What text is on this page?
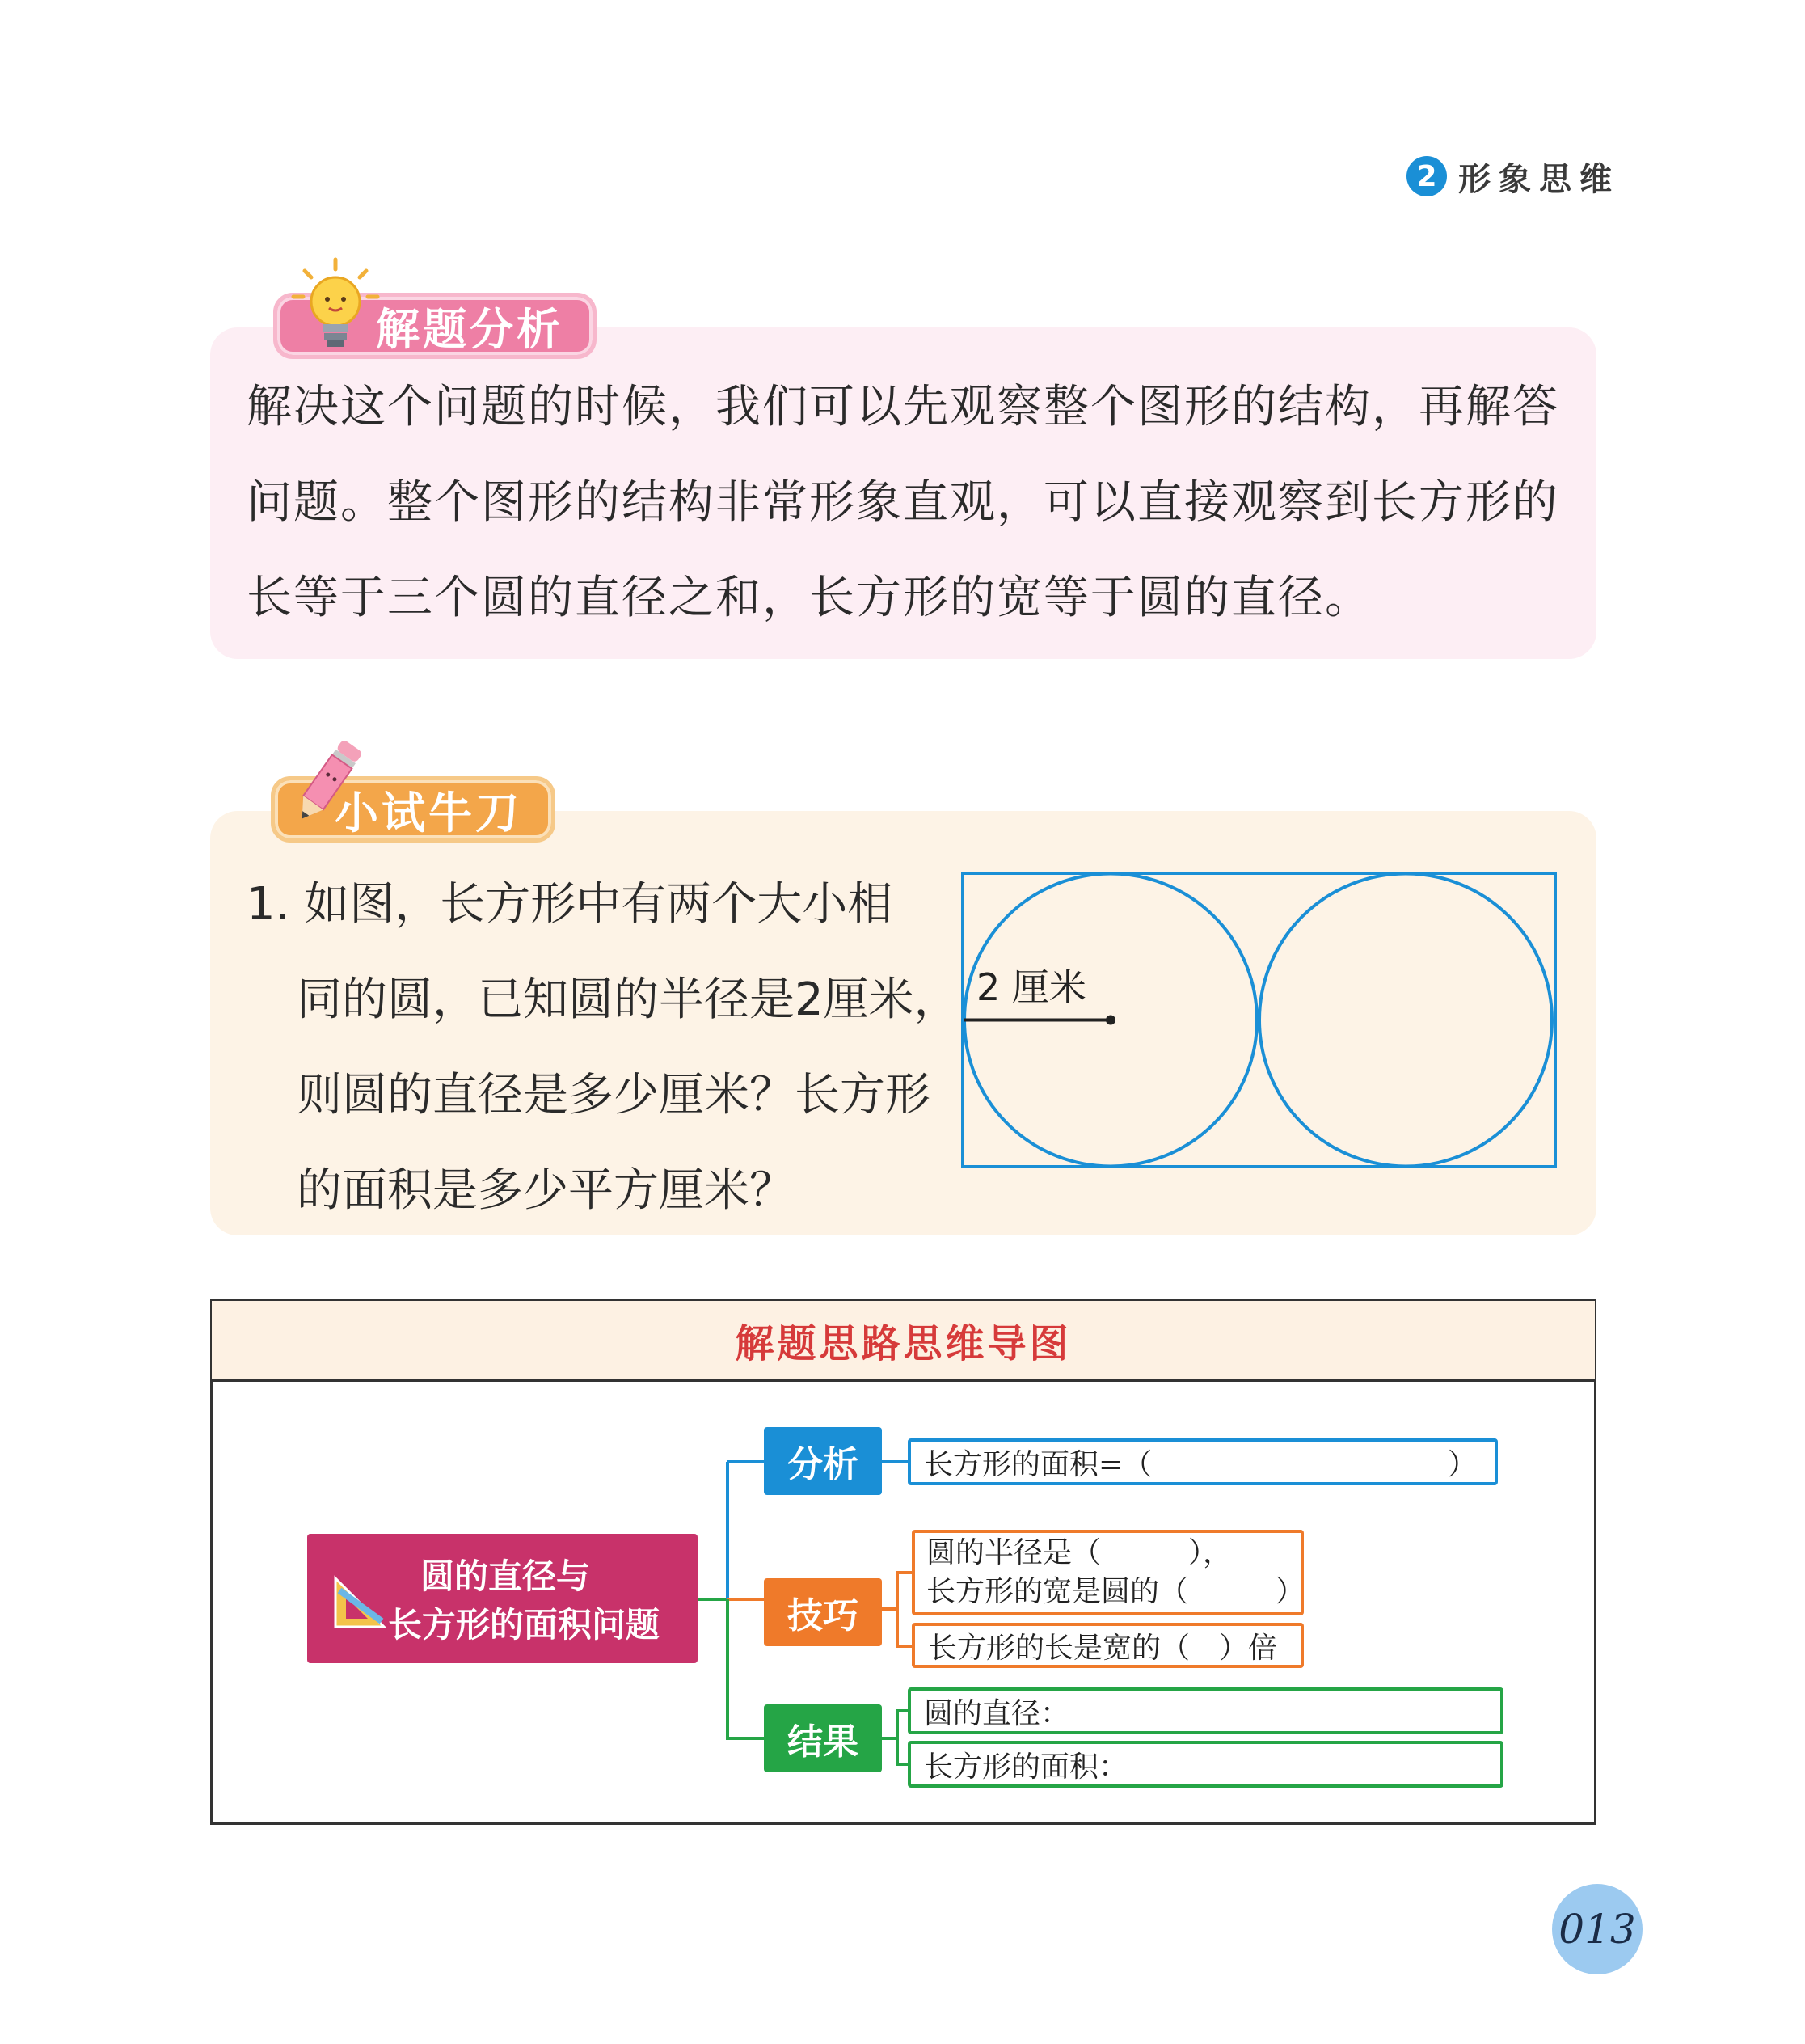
2 形象思维
解题分析
解决这个问题的时候，我们可以先观察整个图形的结构，再解答问题。整个图形的结构非常形象直观，可以直接观察到长方形的长等于三个圆的直径之和，长方形的宽等于圆的直径。
小试牛刀
1. 如图，长方形中有两个大小相
同的圆，已知圆的半径是2厘米，则圆的直径是多少厘米？长方形的面积是多少平方厘米？
2 厘米
解题思路思维导图
圆的直径与
长方形的面积问题
分析
技巧
结果
长方形的面积=（	）
圆的半径是（　　　），
长方形的宽是圆的（　　　）
长方形的长是宽的（　）倍
圆的直径：
长方形的面积：
013
